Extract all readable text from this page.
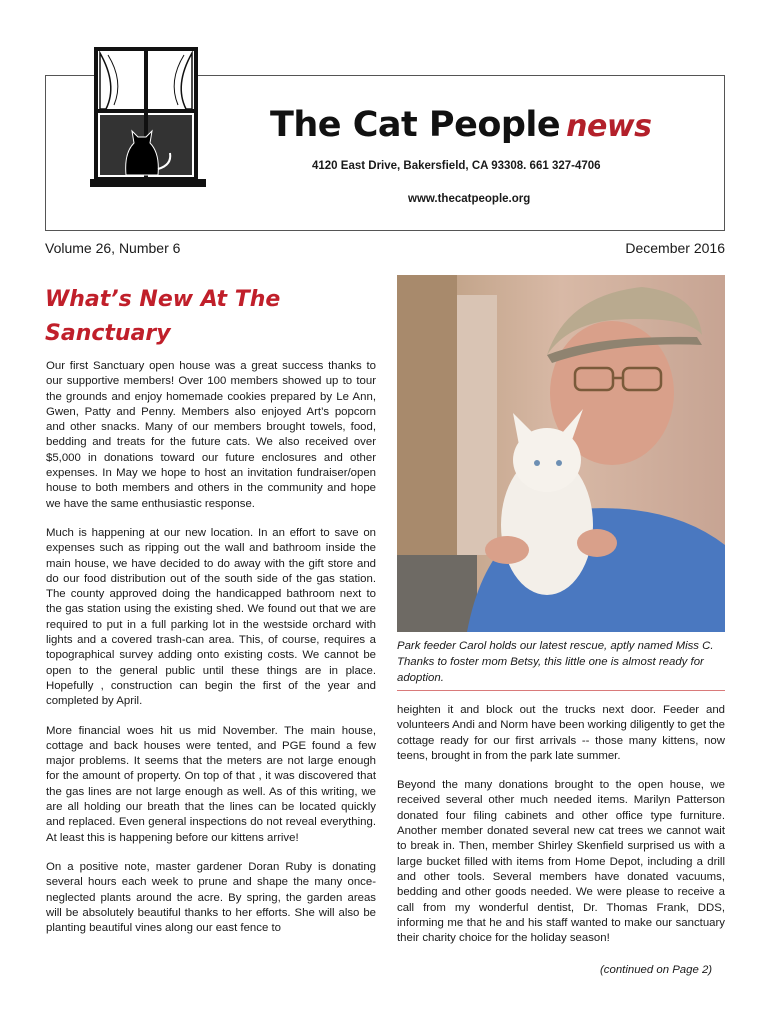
The Cat People news
4120 East Drive, Bakersfield, CA 93308. 661 327-4706
www.thecatpeople.org
Volume 26, Number 6	December 2016
What’s New At The Sanctuary

Our first Sanctuary open house was a great success thanks to our supportive members! Over 100 members showed up to tour the grounds and enjoy homemade cookies prepared by Le Ann, Gwen, Patty and Penny. Members also enjoyed Art’s popcorn and other snacks. Many of our members brought towels, food, bedding and treats for the future cats. We also received over $5,000 in donations toward our future enclosures and other expenses. In May we hope to host an invitation fundraiser/open house to both members and others in the community and hope we have the same enthusiastic response.

Much is happening at our new location. In an effort to save on expenses such as ripping out the wall and bathroom inside the main house, we have decided to do away with the gift store and do our food distribution out of the south side of the gas station. The county approved doing the handicapped bathroom next to the gas station using the existing shed. We found out that we are required to put in a full parking lot in the westside orchard with lights and a covered trash-can area. This, of course, requires a topographical survey adding onto existing costs. We cannot be open to the general public until these things are in place. Hopefully , construction can begin the first of the year and completed by April.

More financial woes hit us mid November. The main house, cottage and back houses were tented, and PGE found a few major problems. It seems that the meters are not large enough for the amount of property. On top of that , it was discovered that the gas lines are not large enough as well. As of this writing, we are all holding our breath that the lines can be located quickly and replaced. Even general inspections do not reveal everything. At least this is happening before our kittens arrive!

On a positive note, master gardener Doran Ruby is donating several hours each week to prune and shape the many once-neglected plants around the acre. By spring, the garden areas will be absolutely beautiful thanks to her efforts. She will also be planting beautiful vines along our east fence to

Park feeder Carol holds our latest rescue, aptly named Miss C. Thanks to foster mom Betsy, this little one is almost ready for adoption.

heighten it and block out the trucks next door. Feeder and volunteers Andi and Norm have been working diligently to get the cottage ready for our first arrivals -- those many kittens, now teens, brought in from the park late summer.

Beyond the many donations brought to the open house, we received several other much needed items. Marilyn Patterson donated four filing cabinets and other office type furniture. Another member donated several new cat trees we cannot wait to break in. Then, member Shirley Skenfield surprised us with a large bucket filled with items from Home Depot, including a drill and other tools. Several members have donated vacuums, bedding and other goods needed. We were please to receive a call from my wonderful dentist, Dr. Thomas Frank, DDS, informing me that he and his staff wanted to make our sanctuary their charity choice for the holiday season!

(continued on Page 2)
